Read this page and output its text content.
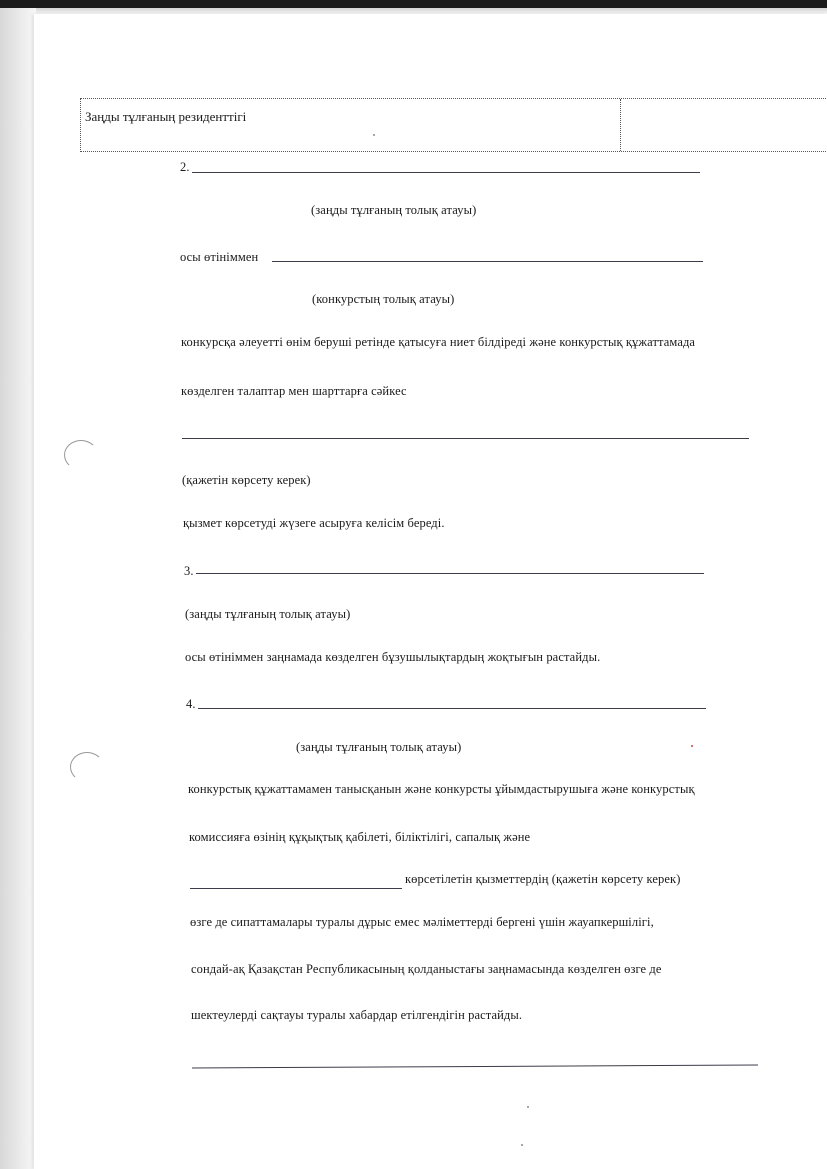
Заңды тұлғаның резиденттігі
2.
(заңды тұлғаның толық атауы)
осы өтініммен
(конкурстың толық атауы)
конкурсқа әлеуетті өнім беруші ретінде қатысуға ниет білдіреді және конкурстық құжаттамада
көзделген талаптар мен шарттарға сәйкес
(қажетін көрсету керек)
қызмет көрсетуді жүзеге асыруға келісім береді.
3.
(заңды тұлғаның толық атауы)
осы өтініммен заңнамада көзделген бұзушылықтардың жоқтығын растайды.
4.
(заңды тұлғаның толық атауы)
конкурстық құжаттамамен танысқанын және конкурсты ұйымдастырушыға және конкурстық
комиссияға өзінің құқықтық қабілеті, біліктілігі, сапалық және
көрсетілетін қызметтердің (қажетін көрсету керек)
өзге де сипаттамалары туралы дұрыс емес мәліметтерді бергені үшін жауапкершілігі,
сондай-ақ Қазақстан Республикасының қолданыстағы заңнамасында көзделген өзге де
шектеулерді сақтауы туралы хабардар етілгендігін растайды.
